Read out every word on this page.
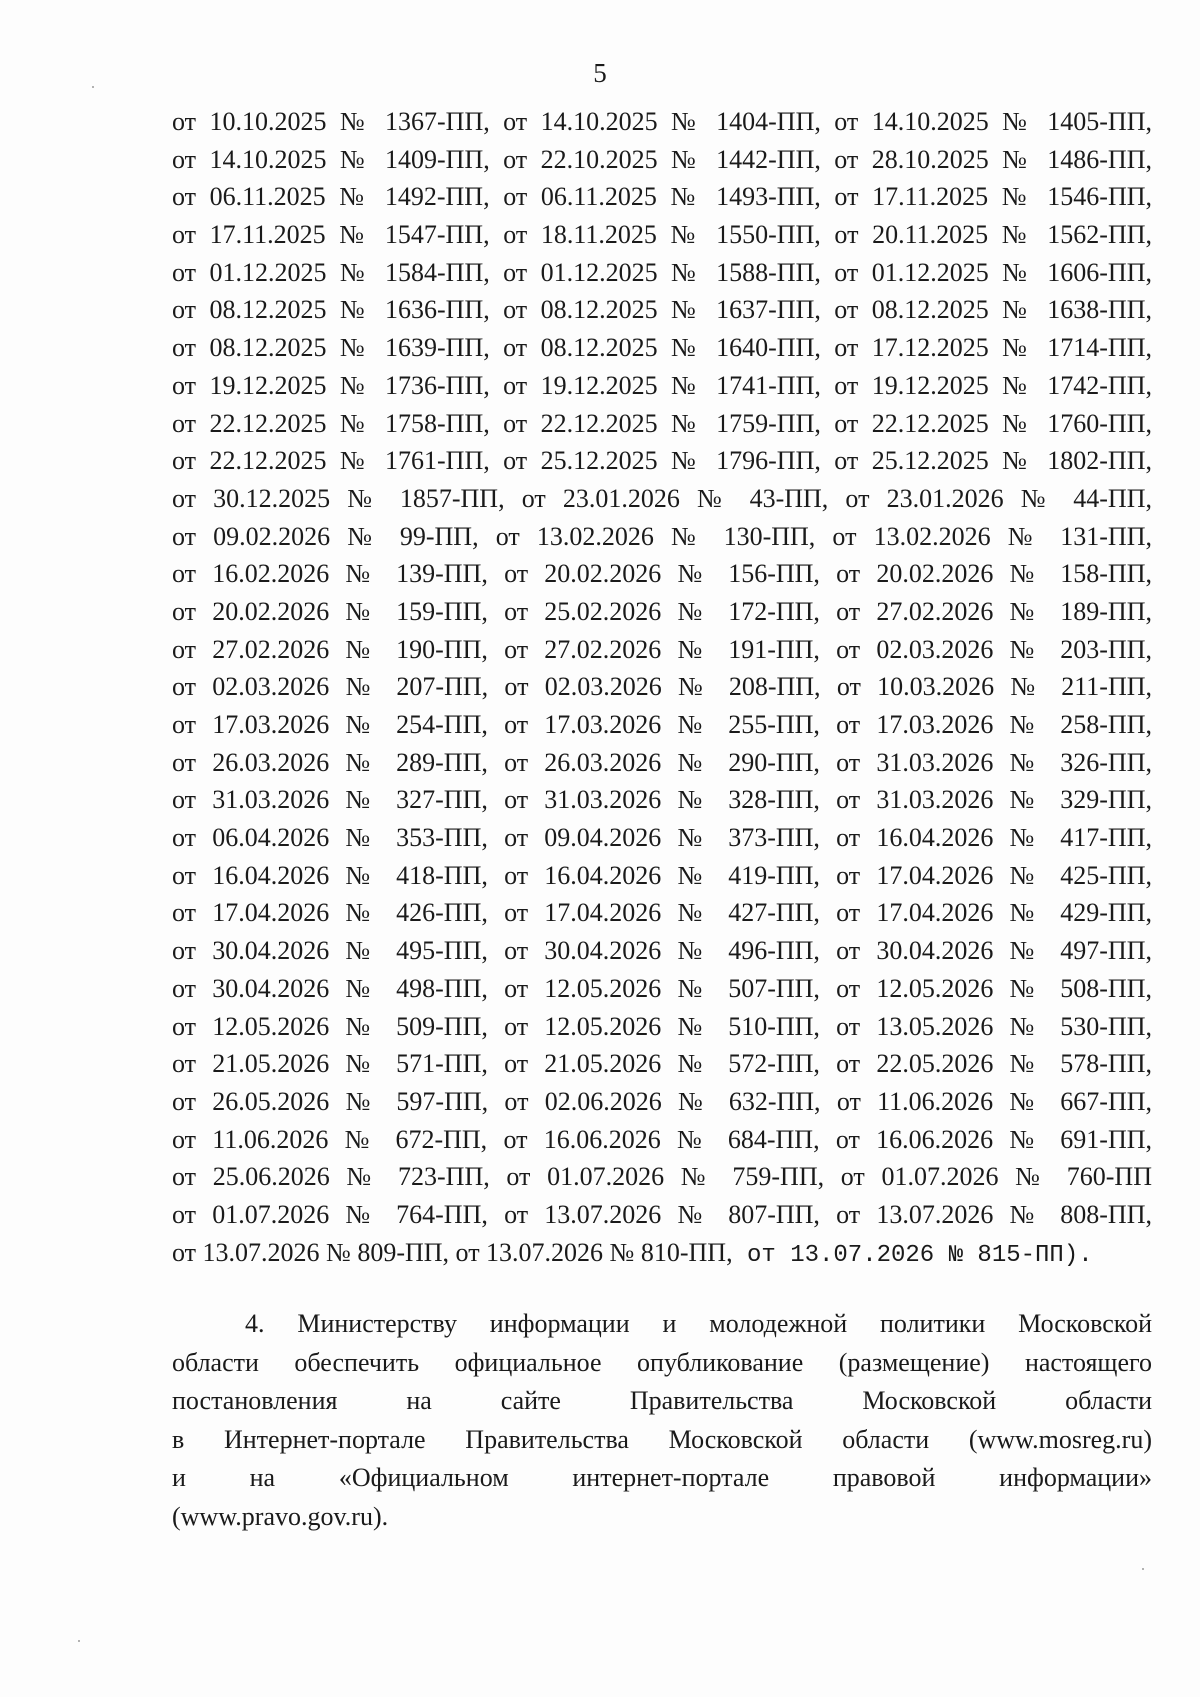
5
от 10.10.2025 № 1367-ПП, от 14.10.2025 № 1404-ПП, от 14.10.2025 № 1405-ПП,
от 14.10.2025 № 1409-ПП, от 22.10.2025 № 1442-ПП, от 28.10.2025 № 1486-ПП,
от 06.11.2025 № 1492-ПП, от 06.11.2025 № 1493-ПП, от 17.11.2025 № 1546-ПП,
от 17.11.2025 № 1547-ПП, от 18.11.2025 № 1550-ПП, от 20.11.2025 № 1562-ПП,
от 01.12.2025 № 1584-ПП, от 01.12.2025 № 1588-ПП, от 01.12.2025 № 1606-ПП,
от 08.12.2025 № 1636-ПП, от 08.12.2025 № 1637-ПП, от 08.12.2025 № 1638-ПП,
от 08.12.2025 № 1639-ПП, от 08.12.2025 № 1640-ПП, от 17.12.2025 № 1714-ПП,
от 19.12.2025 № 1736-ПП, от 19.12.2025 № 1741-ПП, от 19.12.2025 № 1742-ПП,
от 22.12.2025 № 1758-ПП, от 22.12.2025 № 1759-ПП, от 22.12.2025 № 1760-ПП,
от 22.12.2025 № 1761-ПП, от 25.12.2025 № 1796-ПП, от 25.12.2025 № 1802-ПП,
от 30.12.2025 № 1857-ПП, от 23.01.2026 № 43-ПП, от 23.01.2026 № 44-ПП,
от 09.02.2026 № 99-ПП, от 13.02.2026 № 130-ПП, от 13.02.2026 № 131-ПП,
от 16.02.2026 № 139-ПП, от 20.02.2026 № 156-ПП, от 20.02.2026 № 158-ПП,
от 20.02.2026 № 159-ПП, от 25.02.2026 № 172-ПП, от 27.02.2026 № 189-ПП,
от 27.02.2026 № 190-ПП, от 27.02.2026 № 191-ПП, от 02.03.2026 № 203-ПП,
от 02.03.2026 № 207-ПП, от 02.03.2026 № 208-ПП, от 10.03.2026 № 211-ПП,
от 17.03.2026 № 254-ПП, от 17.03.2026 № 255-ПП, от 17.03.2026 № 258-ПП,
от 26.03.2026 № 289-ПП, от 26.03.2026 № 290-ПП, от 31.03.2026 № 326-ПП,
от 31.03.2026 № 327-ПП, от 31.03.2026 № 328-ПП, от 31.03.2026 № 329-ПП,
от 06.04.2026 № 353-ПП, от 09.04.2026 № 373-ПП, от 16.04.2026 № 417-ПП,
от 16.04.2026 № 418-ПП, от 16.04.2026 № 419-ПП, от 17.04.2026 № 425-ПП,
от 17.04.2026 № 426-ПП, от 17.04.2026 № 427-ПП, от 17.04.2026 № 429-ПП,
от 30.04.2026 № 495-ПП, от 30.04.2026 № 496-ПП, от 30.04.2026 № 497-ПП,
от 30.04.2026 № 498-ПП, от 12.05.2026 № 507-ПП, от 12.05.2026 № 508-ПП,
от 12.05.2026 № 509-ПП, от 12.05.2026 № 510-ПП, от 13.05.2026 № 530-ПП,
от 21.05.2026 № 571-ПП, от 21.05.2026 № 572-ПП, от 22.05.2026 № 578-ПП,
от 26.05.2026 № 597-ПП, от 02.06.2026 № 632-ПП, от 11.06.2026 № 667-ПП,
от 11.06.2026 № 672-ПП, от 16.06.2026 № 684-ПП, от 16.06.2026 № 691-ПП,
от 25.06.2026 № 723-ПП, от 01.07.2026 № 759-ПП, от 01.07.2026 № 760-ПП
от 01.07.2026 № 764-ПП, от 13.07.2026 № 807-ПП, от 13.07.2026 № 808-ПП,
от 13.07.2026 № 809-ПП, от 13.07.2026 № 810-ПП, от 13.07.2026 № 815-ПП).
4. Министерству информации и молодежной политики Московской
области обеспечить официальное опубликование (размещение) настоящего
постановления на сайте Правительства Московской области
в Интернет-портале Правительства Московской области (www.mosreg.ru)
и на «Официальном интернет-портале правовой информации»
(www.pravo.gov.ru).
